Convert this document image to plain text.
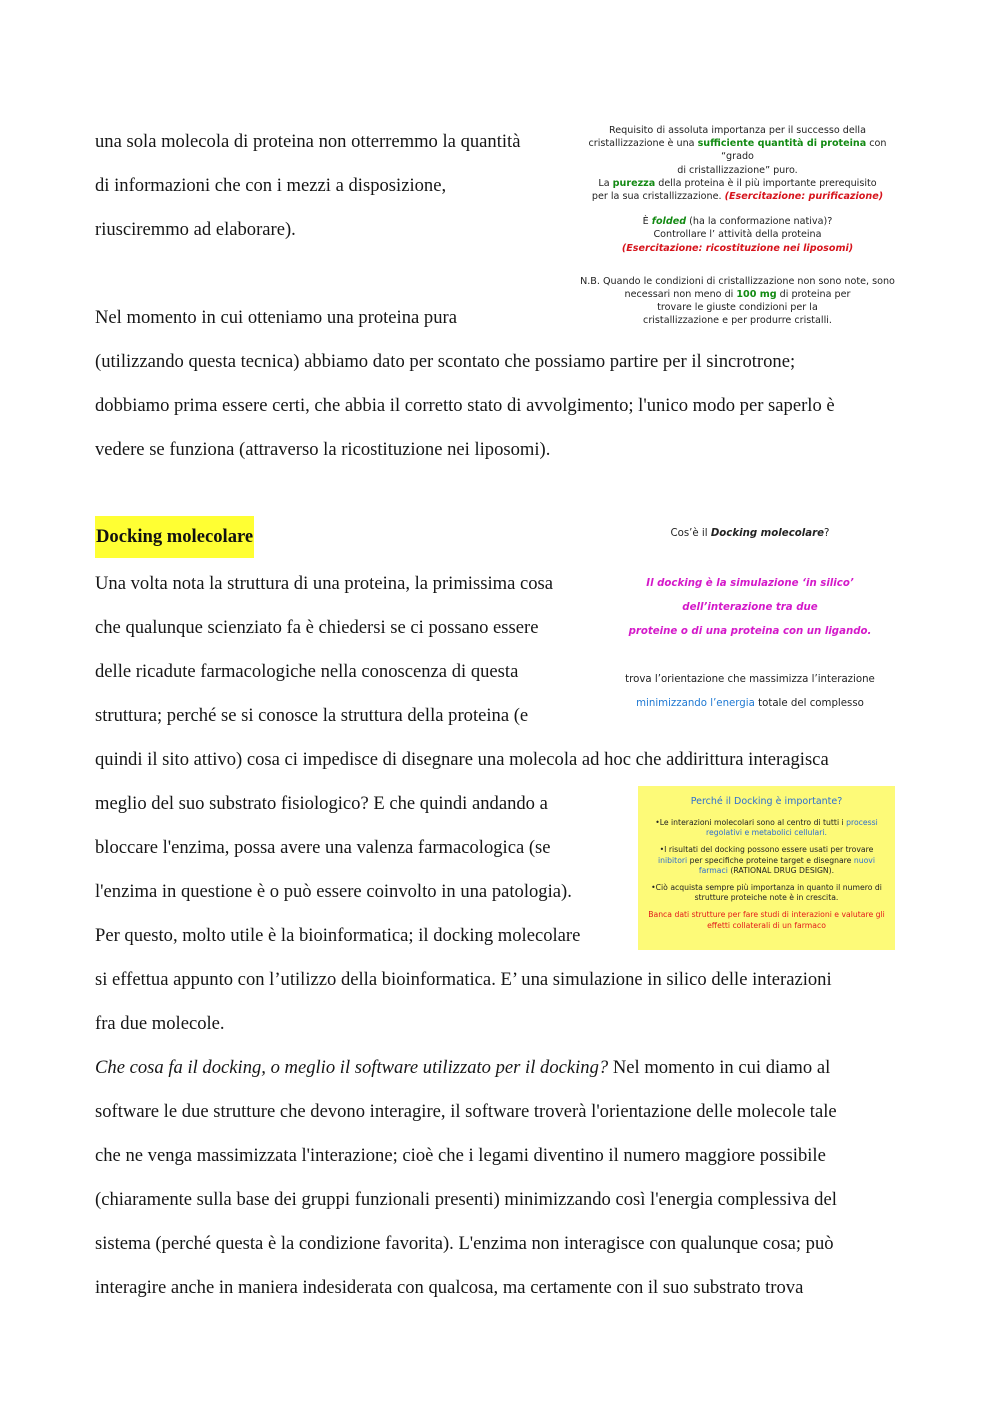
una sola molecola di proteina non otterremmo la quantità

di informazioni che con i mezzi a disposizione,

riusciremmo ad elaborare).

Nel momento in cui otteniamo una proteina pura

(utilizzando questa tecnica) abbiamo dato per scontato che possiamo partire per il sincrotrone;

dobbiamo prima essere certi, che abbia il corretto stato di avvolgimento; l'unico modo per saperlo è

vedere se funziona (attraverso la ricostituzione nei liposomi).

Requisito di assoluta importanza per il successo della

cristallizzazione è una sufficiente quantità di proteina con “grado

di cristallizzazione” puro.

La purezza della proteina è il più importante prerequisito

per la sua cristallizzazione. (Esercitazione: purificazione)

È folded (ha la conformazione nativa)?

Controllare l’ attività della proteina

(Esercitazione: ricostituzione nei liposomi)

N.B. Quando le condizioni di cristallizzazione non sono note, sono

necessari non meno di 100 mg di proteina per

trovare le giuste condizioni per la

cristallizzazione e per produrre cristalli.

Docking molecolare	Cos’è il Docking molecolare?

Il docking è la simulazione ‘in silico’ dell’interazione tra due
proteine o di una proteina con un ligando.

trova l’orientazione che massimizza l’interazione
minimizzando l’energia totale del complesso

Una volta nota la struttura di una proteina, la primissima cosa

che qualunque scienziato fa è chiedersi se ci possano essere

delle ricadute farmacologiche nella conoscenza di questa

struttura; perché se si conosce la struttura della proteina (e

quindi il sito attivo) cosa ci impedisce di disegnare una molecola ad hoc che addirittura interagisca

meglio del suo substrato fisiologico? E che quindi andando a

bloccare l'enzima, possa avere una valenza farmacologica (se

l'enzima in questione è o può essere coinvolto in una patologia).

Per questo, molto utile è la bioinformatica; il docking molecolare

si effettua appunto con l’utilizzo della bioinformatica. E’ una simulazione in silico delle interazioni

fra due molecole.

Perché il Docking è importante?

•Le interazioni molecolari sono al centro di tutti i processi regolativi e metabolici cellulari.

•I risultati del docking possono essere usati per trovare inibitori per specifiche proteine target e disegnare nuovi farmaci (RATIONAL DRUG DESIGN).

•Ciò acquista sempre più importanza in quanto il numero di strutture proteiche note è in crescita.

Banca dati strutture per fare studi di interazioni e valutare gli effetti collaterali di un farmaco

Che cosa fa il docking, o meglio il software utilizzato per il docking? Nel momento in cui diamo al

software le due strutture che devono interagire, il software troverà l'orientazione delle molecole tale

che ne venga massimizzata l'interazione; cioè che i legami diventino il numero maggiore possibile

(chiaramente sulla base dei gruppi funzionali presenti) minimizzando così l'energia complessiva del

sistema (perché questa è la condizione favorita). L'enzima non interagisce con qualunque cosa; può

interagire anche in maniera indesiderata con qualcosa, ma certamente con il suo substrato trova
